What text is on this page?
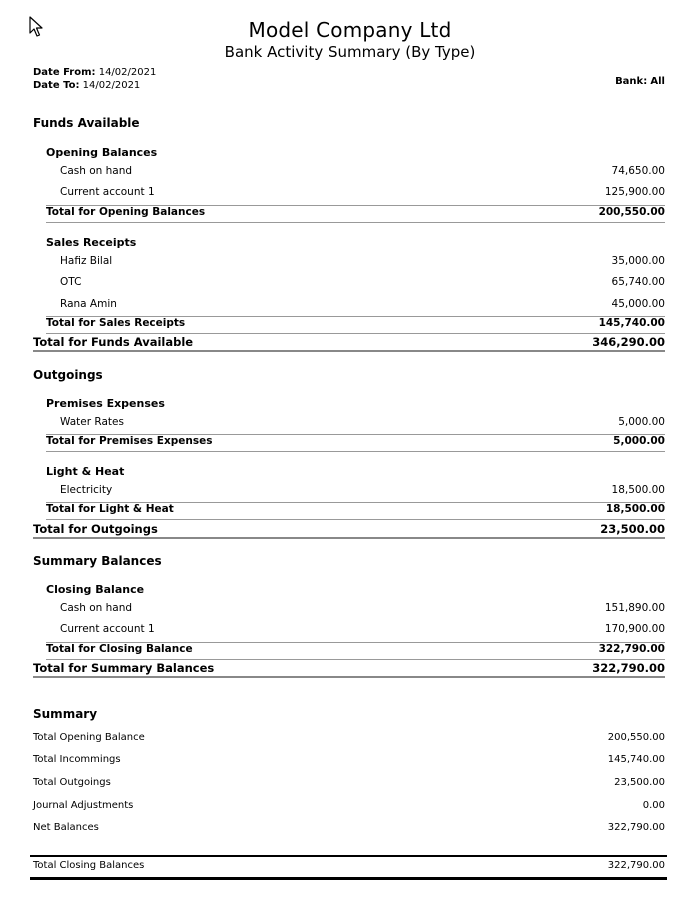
Model Company Ltd
Bank Activity Summary (By Type)
Date From: 14/02/2021
Date To: 14/02/2021	Bank: All
Funds Available
Opening Balances
Cash on hand	74,650.00
Current account 1	125,900.00
Total for Opening Balances	200,550.00
Sales Receipts
Hafiz Bilal	35,000.00
OTC	65,740.00
Rana Amin	45,000.00
Total for Sales Receipts	145,740.00
Total for Funds Available	346,290.00
Outgoings
Premises Expenses
Water Rates	5,000.00
Total for Premises Expenses	5,000.00
Light & Heat
Electricity	18,500.00
Total for Light & Heat	18,500.00
Total for Outgoings	23,500.00
Summary Balances
Closing Balance
Cash on hand	151,890.00
Current account 1	170,900.00
Total for Closing Balance	322,790.00
Total for Summary Balances	322,790.00
Summary
Total Opening Balance	200,550.00
Total Incommings	145,740.00
Total Outgoings	23,500.00
Journal Adjustments	0.00
Net Balances	322,790.00
Total Closing Balances	322,790.00
